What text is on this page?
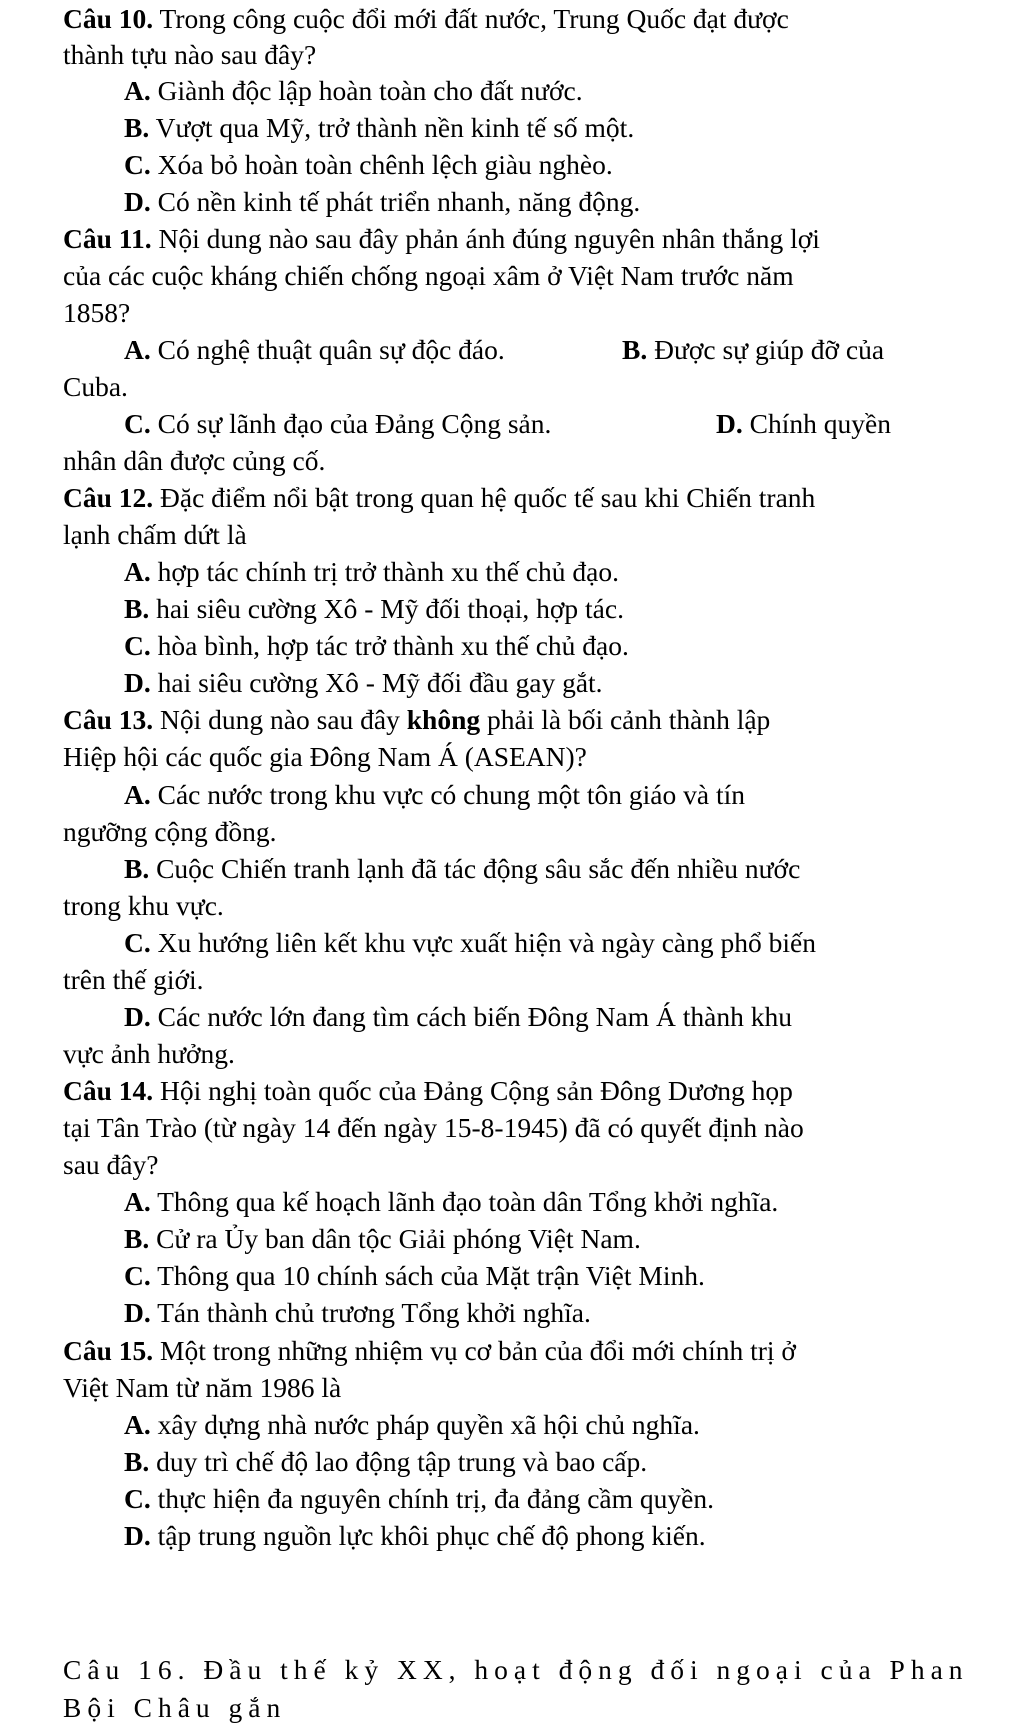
Câu 10. Trong công cuộc đổi mới đất nước, Trung Quốc đạt được
thành tựu nào sau đây?
A. Giành độc lập hoàn toàn cho đất nước.
B. Vượt qua Mỹ, trở thành nền kinh tế số một.
C. Xóa bỏ hoàn toàn chênh lệch giàu nghèo.
D. Có nền kinh tế phát triển nhanh, năng động.
Câu 11. Nội dung nào sau đây phản ánh đúng nguyên nhân thắng lợi
của các cuộc kháng chiến chống ngoại xâm ở Việt Nam trước năm
1858?
A. Có nghệ thuật quân sự độc đáo.	B. Được sự giúp đỡ của
Cuba.
C. Có sự lãnh đạo của Đảng Cộng sản.	D. Chính quyền
nhân dân được củng cố.
Câu 12. Đặc điểm nổi bật trong quan hệ quốc tế sau khi Chiến tranh
lạnh chấm dứt là
A. hợp tác chính trị trở thành xu thế chủ đạo.
B. hai siêu cường Xô - Mỹ đối thoại, hợp tác.
C. hòa bình, hợp tác trở thành xu thế chủ đạo.
D. hai siêu cường Xô - Mỹ đối đầu gay gắt.
Câu 13. Nội dung nào sau đây không phải là bối cảnh thành lập
Hiệp hội các quốc gia Đông Nam Á (ASEAN)?
A. Các nước trong khu vực có chung một tôn giáo và tín
ngưỡng cộng đồng.
B. Cuộc Chiến tranh lạnh đã tác động sâu sắc đến nhiều nước
trong khu vực.
C. Xu hướng liên kết khu vực xuất hiện và ngày càng phổ biến
trên thế giới.
D. Các nước lớn đang tìm cách biến Đông Nam Á thành khu
vực ảnh hưởng.
Câu 14. Hội nghị toàn quốc của Đảng Cộng sản Đông Dương họp
tại Tân Trào (từ ngày 14 đến ngày 15-8-1945) đã có quyết định nào
sau đây?
A. Thông qua kế hoạch lãnh đạo toàn dân Tổng khởi nghĩa.
B. Cử ra Ủy ban dân tộc Giải phóng Việt Nam.
C. Thông qua 10 chính sách của Mặt trận Việt Minh.
D. Tán thành chủ trương Tổng khởi nghĩa.
Câu 15. Một trong những nhiệm vụ cơ bản của đổi mới chính trị ở
Việt Nam từ năm 1986 là
A. xây dựng nhà nước pháp quyền xã hội chủ nghĩa.
B. duy trì chế độ lao động tập trung và bao cấp.
C. thực hiện đa nguyên chính trị, đa đảng cầm quyền.
D. tập trung nguồn lực khôi phục chế độ phong kiến.
Câu 16. Đầu thế kỷ XX, hoạt động đối ngoại của Phan Bội Châu gắn
